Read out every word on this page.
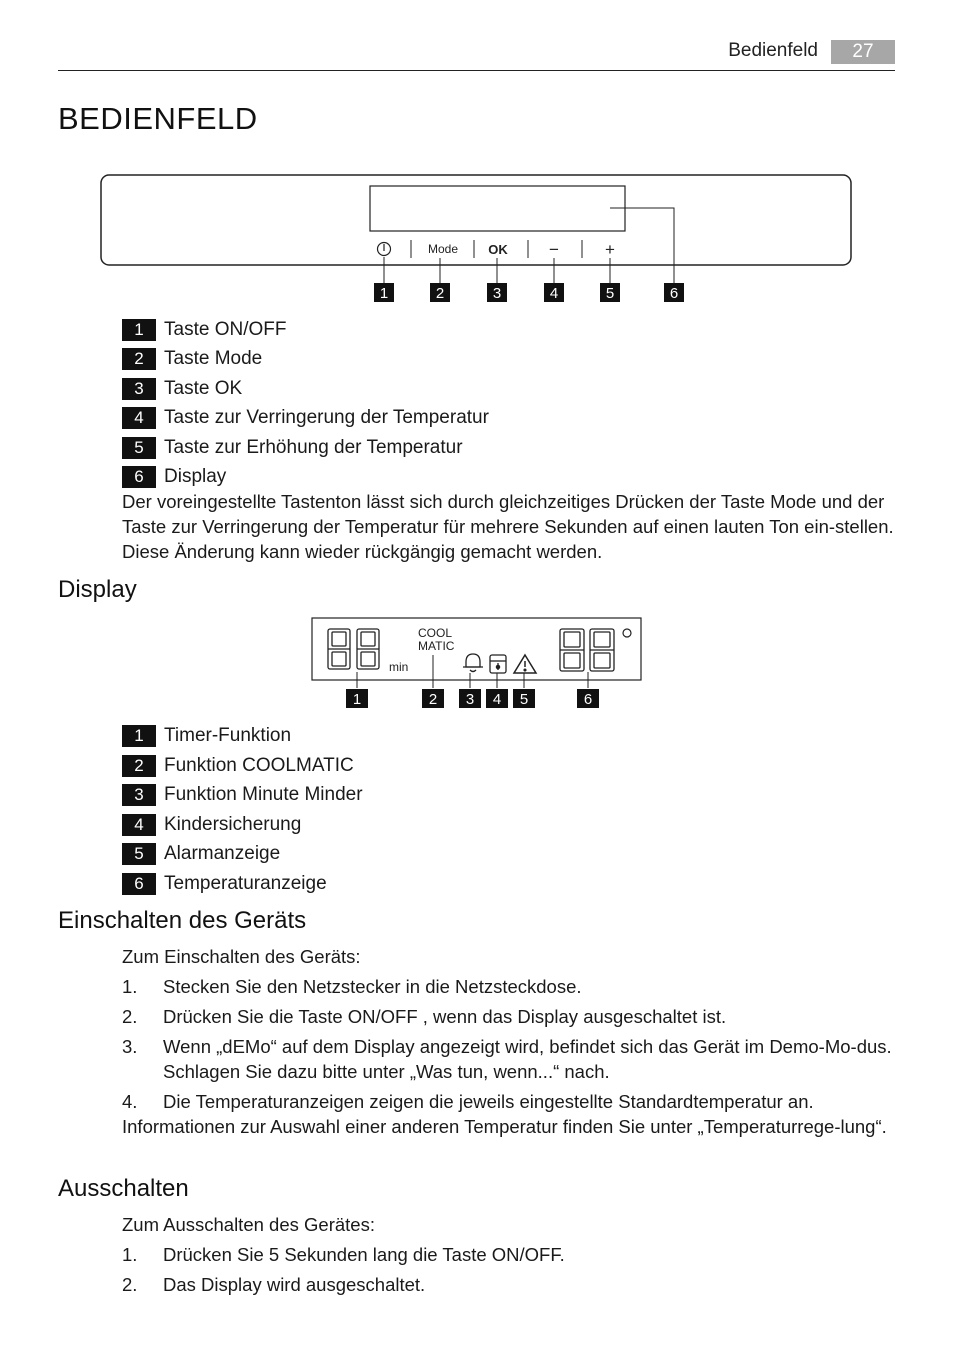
Bedienfeld	27
BEDIENFELD
Mode OK −	+
1	2	3	4	5	6
1	Taste ON/OFF
2	Taste Mode
3	Taste OK
4	Taste zur Verringerung der Temperatur
5	Taste zur Erhöhung der Temperatur
6	Display
Der voreingestellte Tastenton lässt sich durch gleichzeitiges Drücken der Taste Mode und der Taste zur Verringerung der Temperatur für mehrere Sekunden auf einen lauten Ton ein-stellen. Diese Änderung kann wieder rückgängig gemacht werden.
Display
min
COOL
MATIC
1	2 3 4 5	6
1	Timer-Funktion
2	Funktion COOLMATIC
3	Funktion Minute Minder
4	Kindersicherung
5	Alarmanzeige
6	Temperaturanzeige
Einschalten des Geräts
Zum Einschalten des Geräts:
1.	Stecken Sie den Netzstecker in die Netzsteckdose.
2.	Drücken Sie die Taste ON/OFF , wenn das Display ausgeschaltet ist.
3.	Wenn „dEMo“ auf dem Display angezeigt wird, befindet sich das Gerät im Demo-Mo-dus. Schlagen Sie dazu bitte unter „Was tun, wenn...“ nach.
4.	Die Temperaturanzeigen zeigen die jeweils eingestellte Standardtemperatur an.
Informationen zur Auswahl einer anderen Temperatur finden Sie unter „Temperaturrege-lung“.
Ausschalten
Zum Ausschalten des Gerätes:
1.	Drücken Sie 5 Sekunden lang die Taste ON/OFF.
2.	Das Display wird ausgeschaltet.
